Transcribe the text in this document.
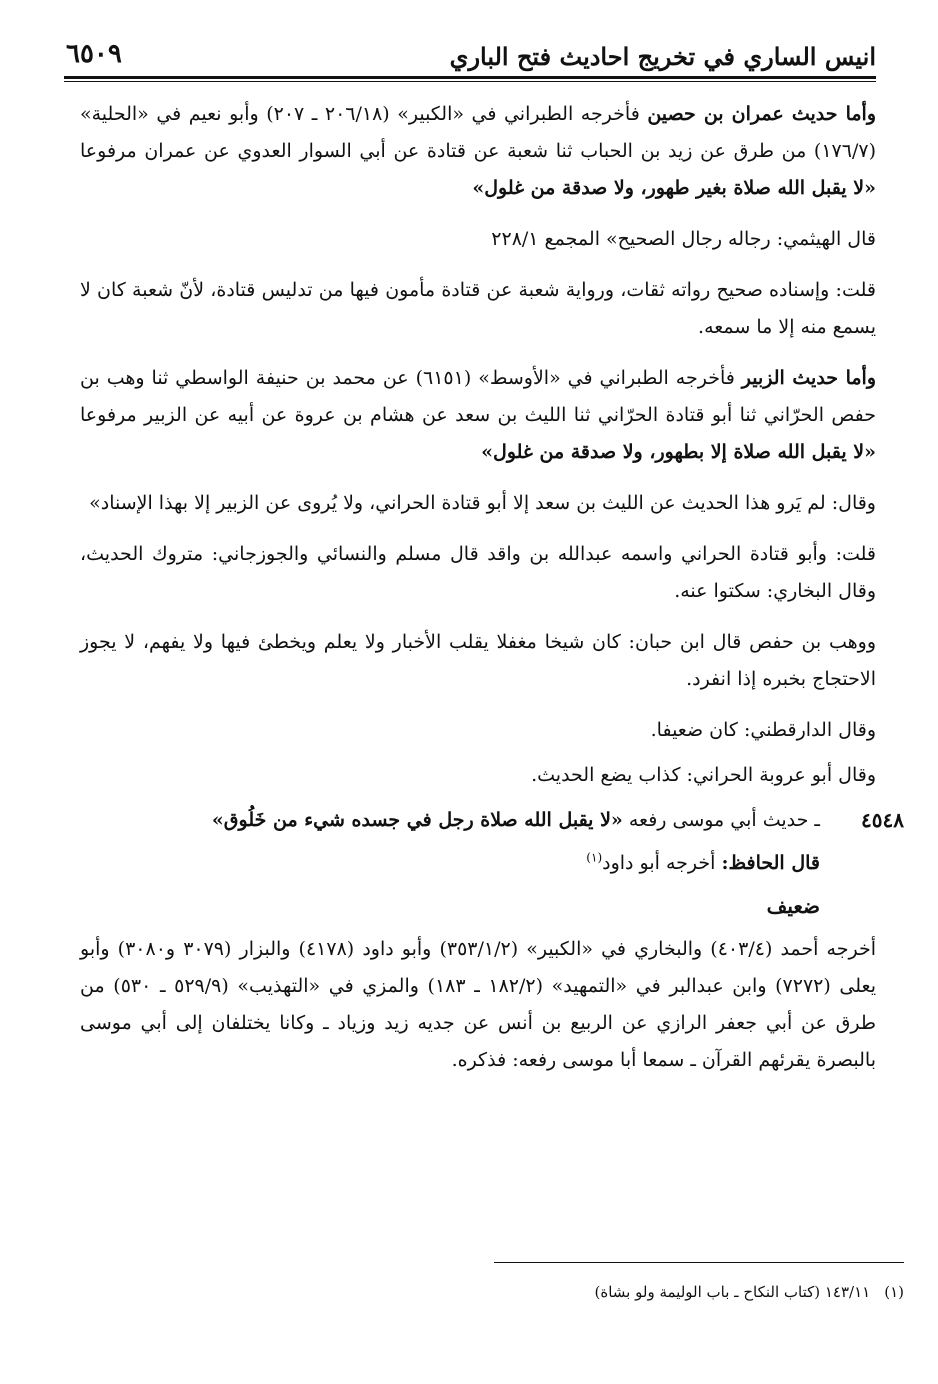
انيس الساري في تخريج احاديث فتح الباري
٦٥٠٩

وأما حديث عمران بن حصين فأخرجه الطبراني في «الكبير» (٢٠٦/١٨ ـ ٢٠٧) وأبو نعيم في «الحلية» (١٧٦/٧) من طرق عن زيد بن الحباب ثنا شعبة عن قتادة عن أبي السوار العدوي عن عمران مرفوعا «لا يقبل الله صلاة بغير طهور، ولا صدقة من غلول»

قال الهيثمي: رجاله رجال الصحيح» المجمع ٢٢٨/١

قلت: وإسناده صحيح رواته ثقات، ورواية شعبة عن قتادة مأمون فيها من تدليس قتادة، لأنّ شعبة كان لا يسمع منه إلا ما سمعه.

وأما حديث الزبير فأخرجه الطبراني في «الأوسط» (٦١٥١) عن محمد بن حنيفة الواسطي ثنا وهب بن حفص الحرّاني ثنا أبو قتادة الحرّاني ثنا الليث بن سعد عن هشام بن عروة عن أبيه عن الزبير مرفوعا «لا يقبل الله صلاة إلا بطهور، ولا صدقة من غلول»

وقال: لم يَرو هذا الحديث عن الليث بن سعد إلا أبو قتادة الحراني، ولا يُروى عن الزبير إلا بهذا الإسناد»

قلت: وأبو قتادة الحراني واسمه عبدالله بن واقد قال مسلم والنسائي والجوزجاني: متروك الحديث، وقال البخاري: سكتوا عنه.

ووهب بن حفص قال ابن حبان: كان شيخا مغفلا يقلب الأخبار ولا يعلم ويخطئ فيها ولا يفهم، لا يجوز الاحتجاج بخبره إذا انفرد.

وقال الدارقطني: كان ضعيفا.

وقال أبو عروبة الحراني: كذاب يضع الحديث.

٤٥٤٨
ـ حديث أبي موسى رفعه «لا يقبل الله صلاة رجل في جسده شيء من خَلُوق»

قال الحافظ: أخرجه أبو داود$^{(١)}$

ضعيف

أخرجه أحمد (٤٠٣/٤) والبخاري في «الكبير» (٣٥٣/١/٢) وأبو داود (٤١٧٨) والبزار (٣٠٧٩ و٣٠٨٠) وأبو يعلى (٧٢٧٢) وابن عبدالبر في «التمهيد» (١٨٢/٢ ـ ١٨٣) والمزي في «التهذيب» (٥٢٩/٩ ـ ٥٣٠) من طرق عن أبي جعفر الرازي عن الربيع بن أنس عن جديه زيد وزياد ـ وكانا يختلفان إلى أبي موسى بالبصرة يقرئهم القرآن ـ سمعا أبا موسى رفعه: فذكره.

(١)١٤٣/١١ (كتاب النكاح ـ باب الوليمة ولو بشاة)
